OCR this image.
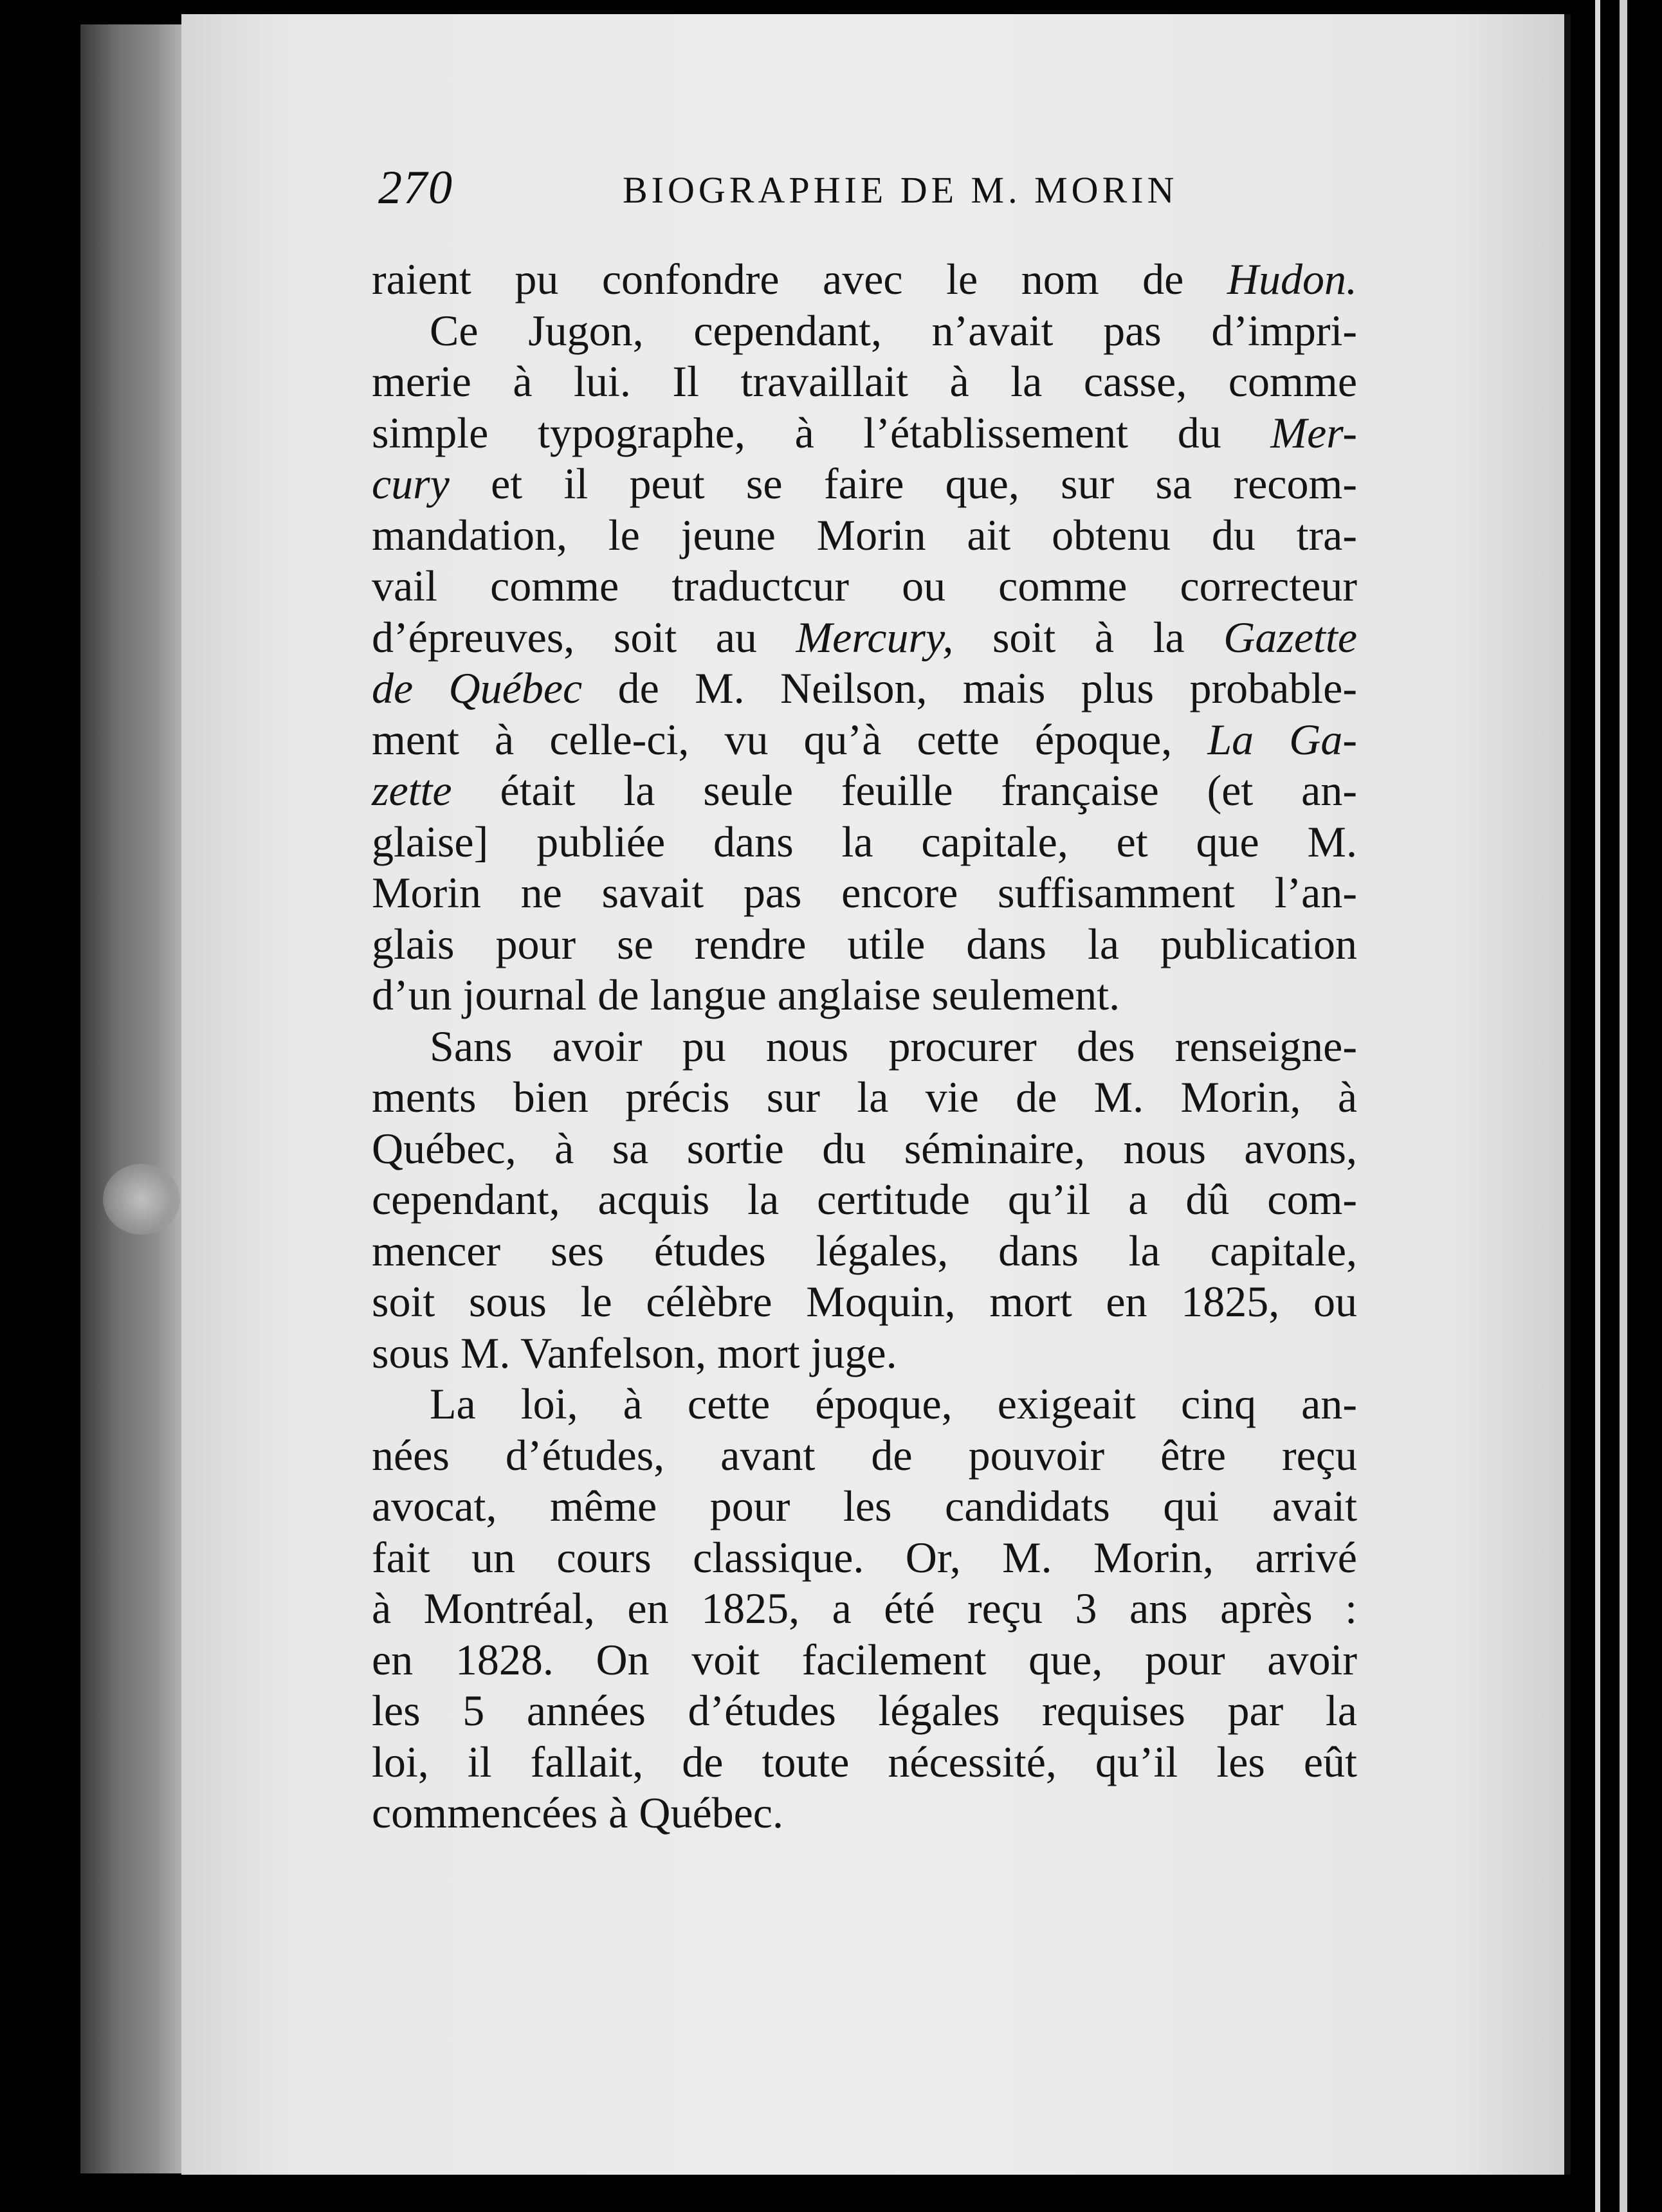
270	BIOGRAPHIE DE M. MORIN
raient pu confondre avec le nom de Hudon.
Ce Jugon, cependant, n’avait pas d’impri-
merie à lui. Il travaillait à la casse, comme
simple typographe, à l’établissement du Mer-
cury et il peut se faire que, sur sa recom-
mandation, le jeune Morin ait obtenu du tra-
vail comme traductcur ou comme correcteur
d’épreuves, soit au Mercury, soit à la Gazette
de Québec de M. Neilson, mais plus probable-
ment à celle-ci, vu qu’à cette époque, La Ga-
zette était la seule feuille française (et an-
glaise] publiée dans la capitale, et que M.
Morin ne savait pas encore suffisamment l’an-
glais pour se rendre utile dans la publication
d’un journal de langue anglaise seulement.
Sans avoir pu nous procurer des renseigne-
ments bien précis sur la vie de M. Morin, à
Québec, à sa sortie du séminaire, nous avons,
cependant, acquis la certitude qu’il a dû com-
mencer ses études légales, dans la capitale,
soit sous le célèbre Moquin, mort en 1825, ou
sous M. Vanfelson, mort juge.
La loi, à cette époque, exigeait cinq an-
nées d’études, avant de pouvoir être reçu
avocat, même pour les candidats qui avait
fait un cours classique. Or, M. Morin, arrivé
à Montréal, en 1825, a été reçu 3 ans après :
en 1828. On voit facilement que, pour avoir
les 5 années d’études légales requises par la
loi, il fallait, de toute nécessité, qu’il les eût
commencées à Québec.
